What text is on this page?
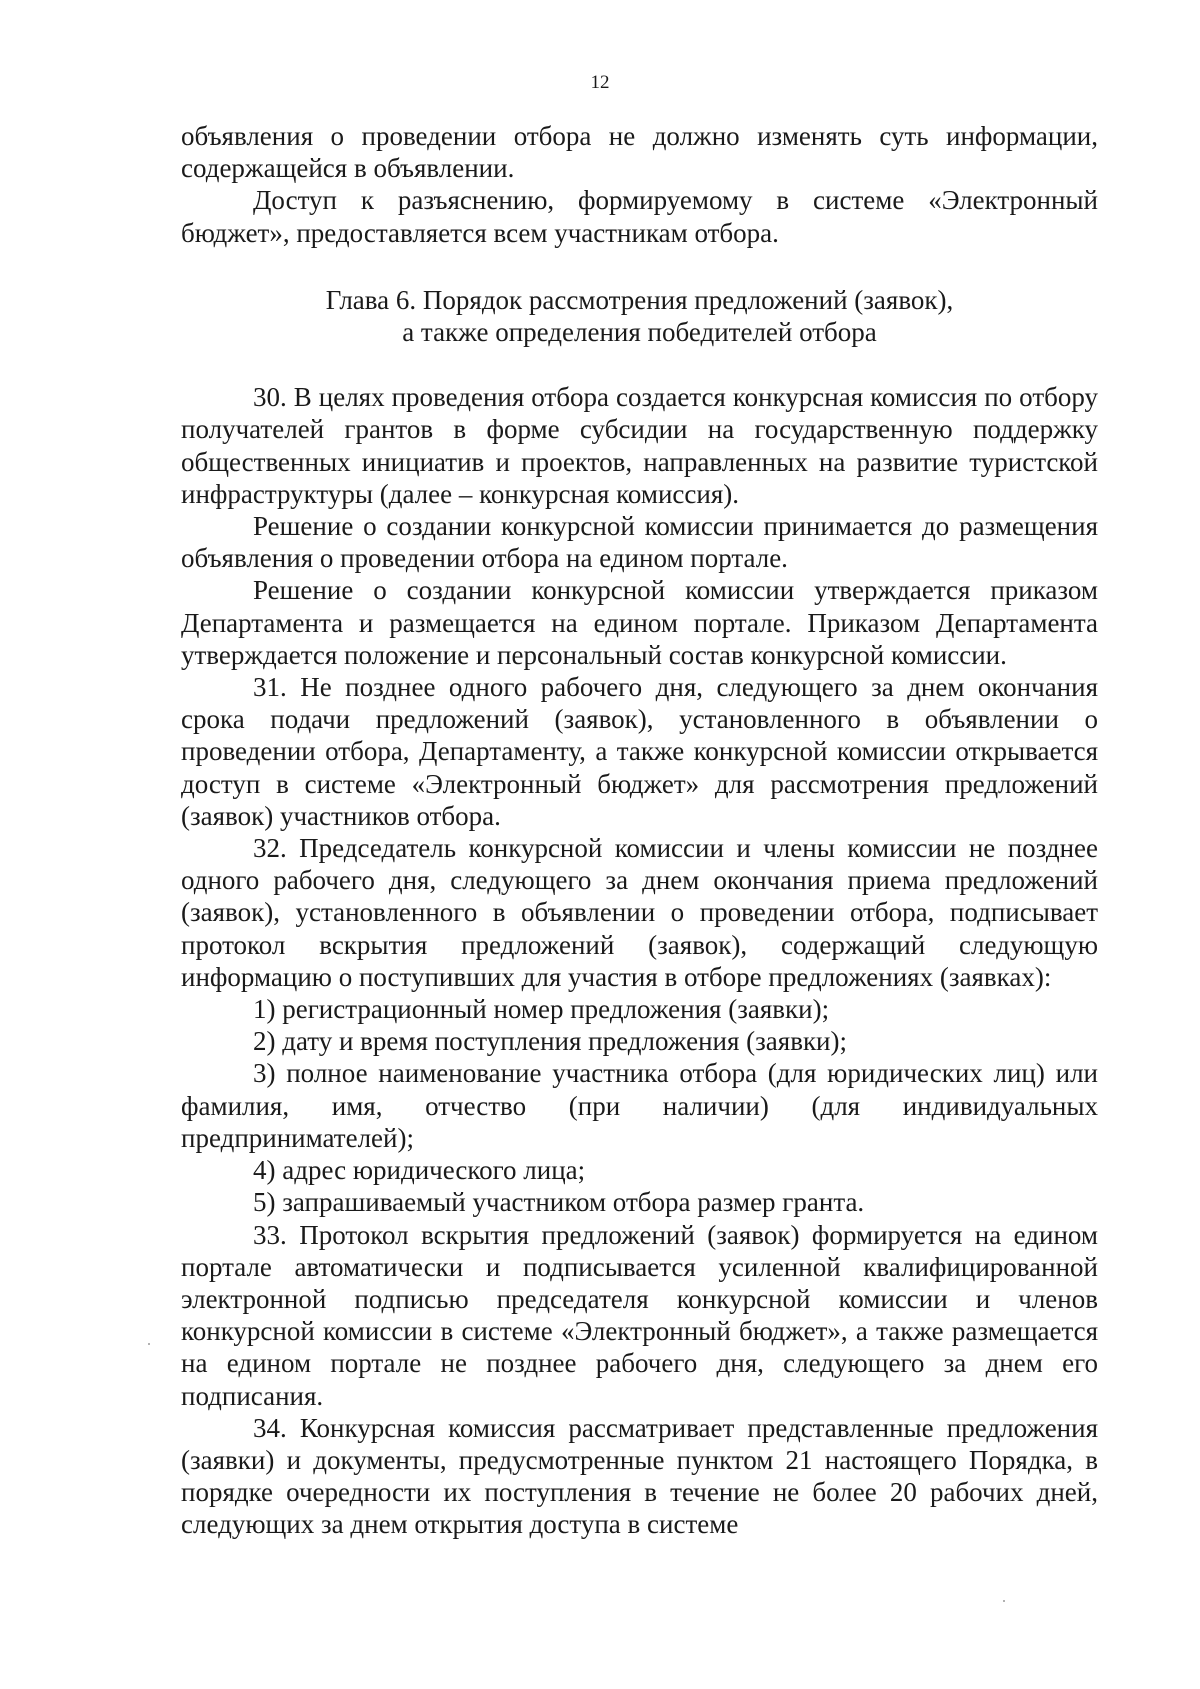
12

объявления о проведении отбора не должно изменять суть информации, содержащейся в объявлении.

Доступ к разъяснению, формируемому в системе «Электронный бюджет», предоставляется всем участникам отбора.

Глава 6. Порядок рассмотрения предложений (заявок),
а также определения победителей отбора

30. В целях проведения отбора создается конкурсная комиссия по отбору получателей грантов в форме субсидии на государственную поддержку общественных инициатив и проектов, направленных на развитие туристской инфраструктуры (далее – конкурсная комиссия).

Решение о создании конкурсной комиссии принимается до размещения объявления о проведении отбора на едином портале.

Решение о создании конкурсной комиссии утверждается приказом Департамента и размещается на едином портале. Приказом Департамента утверждается положение и персональный состав конкурсной комиссии.

31. Не позднее одного рабочего дня, следующего за днем окончания срока подачи предложений (заявок), установленного в объявлении о проведении отбора, Департаменту, а также конкурсной комиссии открывается доступ в системе «Электронный бюджет» для рассмотрения предложений (заявок) участников отбора.

32. Председатель конкурсной комиссии и члены комиссии не позднее одного рабочего дня, следующего за днем окончания приема предложений (заявок), установленного в объявлении о проведении отбора, подписывает протокол вскрытия предложений (заявок), содержащий следующую информацию о поступивших для участия в отборе предложениях (заявках):

1) регистрационный номер предложения (заявки);

2) дату и время поступления предложения (заявки);

3) полное наименование участника отбора (для юридических лиц) или фамилия, имя, отчество (при наличии) (для индивидуальных предпринимателей);

4) адрес юридического лица;

5) запрашиваемый участником отбора размер гранта.

33. Протокол вскрытия предложений (заявок) формируется на едином портале автоматически и подписывается усиленной квалифицированной электронной подписью председателя конкурсной комиссии и членов конкурсной комиссии в системе «Электронный бюджет», а также размещается на едином портале не позднее рабочего дня, следующего за днем его подписания.

34. Конкурсная комиссия рассматривает представленные предложения (заявки) и документы, предусмотренные пунктом 21 настоящего Порядка, в порядке очередности их поступления в течение не более 20 рабочих дней, следующих за днем открытия доступа в системе
